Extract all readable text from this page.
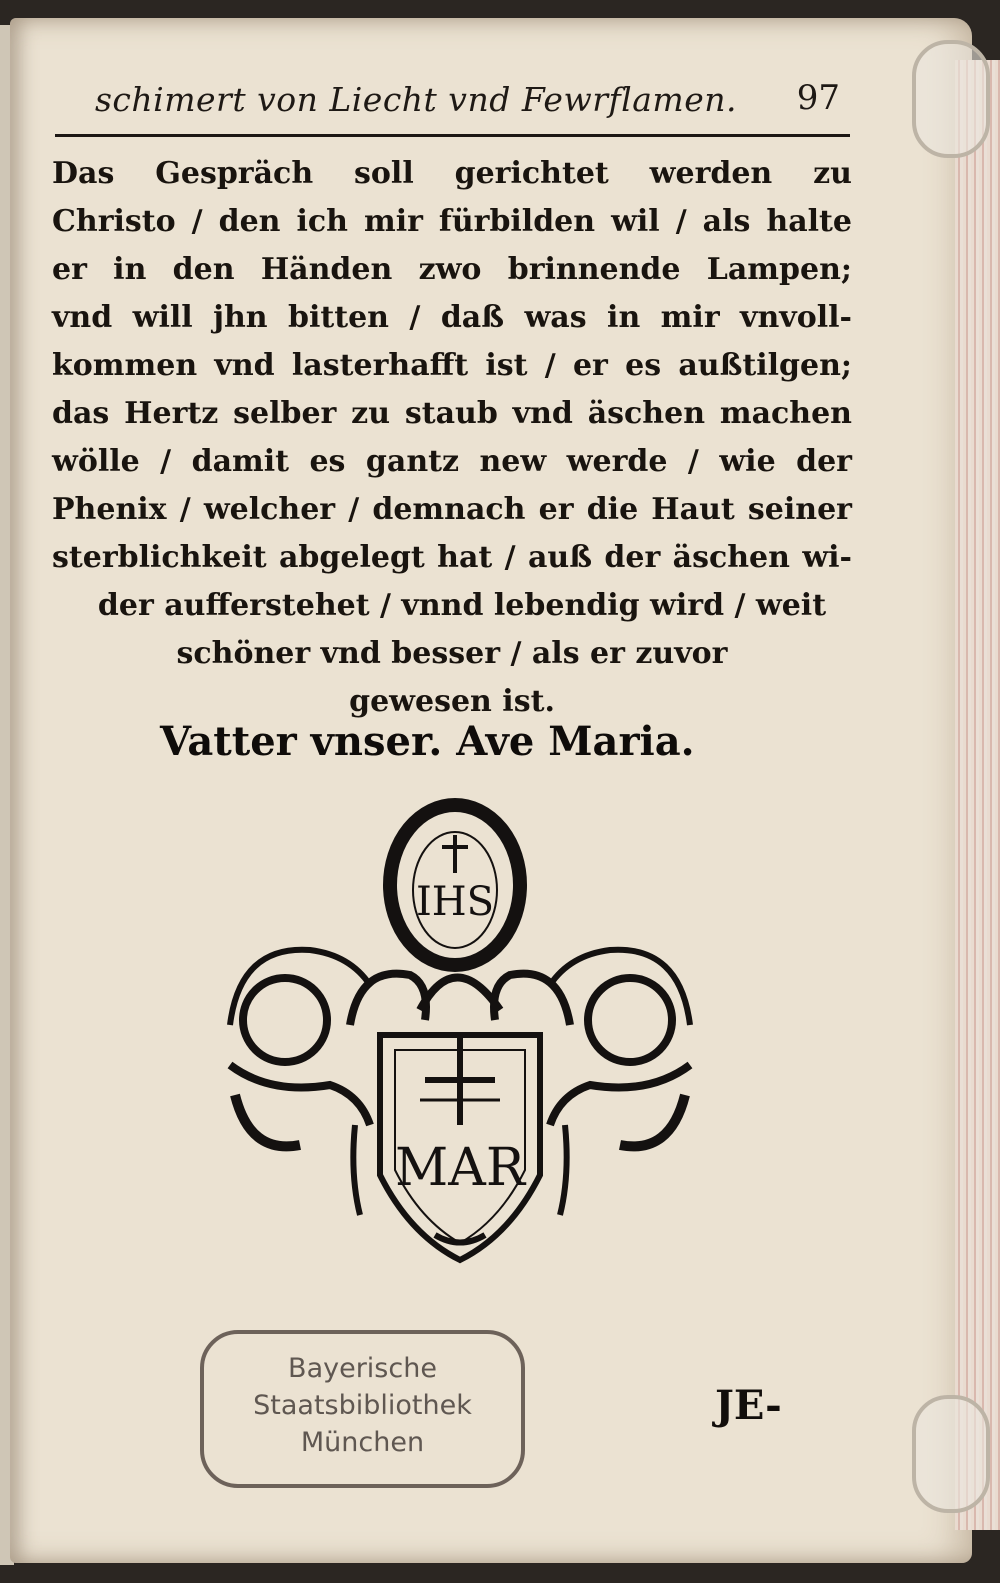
schimert von Liecht vnd Fewrflamen. 97
Das Gespräch soll gerichtet werden zu
Christo / den ich mir fürbilden wil / als halte
er in den Händen zwo brinnende Lampen;
vnd will jhn bitten / daß was in mir vnvoll-
kommen vnd lasterhafft ist / er es außtilgen;
das Hertz selber zu staub vnd äschen machen
wölle / damit es gantz new werde / wie der
Phenix / welcher / demnach er die Haut seiner
sterblichkeit abgelegt hat / auß der äschen wi-
der aufferstehet / vnnd lebendig wird / weit
schöner vnd besser / als er zuvor
gewesen ist.
Vatter vnser. Ave Maria.
IHS
MAR
Bayerische
Staatsbibliothek
München
JE-
